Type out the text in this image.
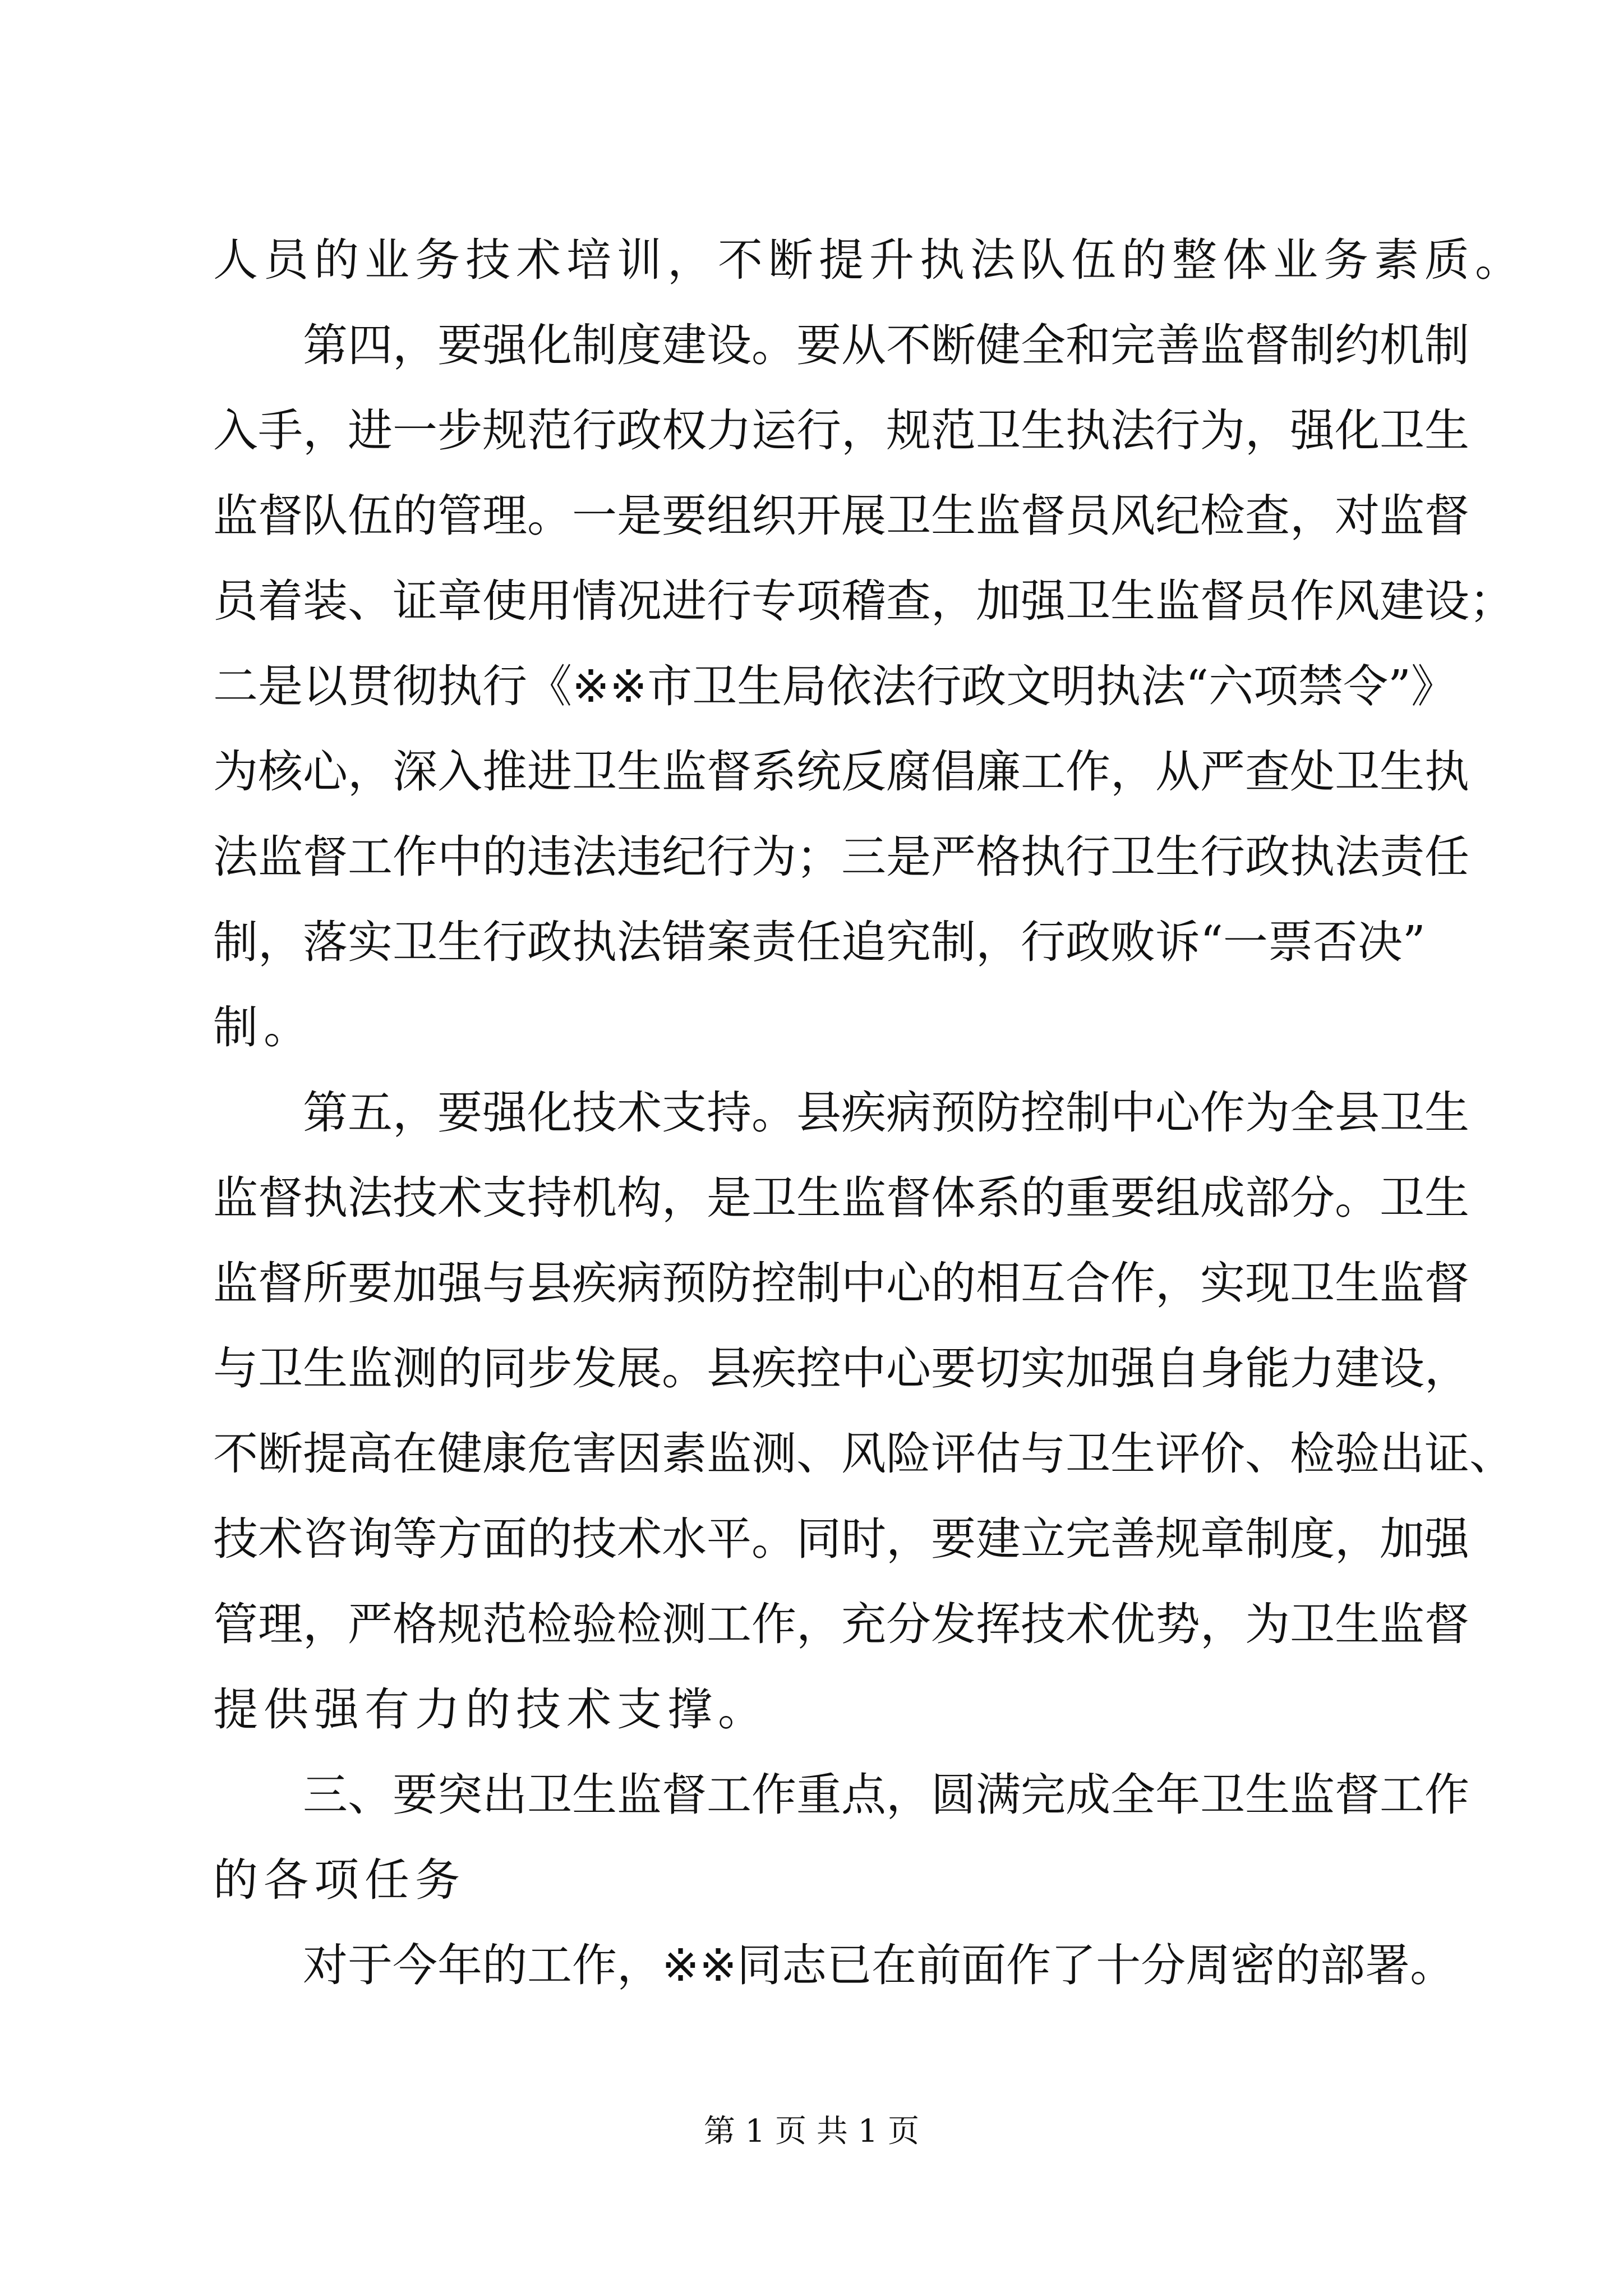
人员的业务技术培训，不断提升执法队伍的整体业务素质。
第 四 ， 要 强 化 制 度 建 设 。 要 从 不 断 健 全 和 完 善 监 督 制 约 机 制
入 手 ， 进 一 步 规 范 行 政 权 力 运 行 ， 规 范 卫 生 执 法 行 为 ， 强 化 卫 生
监 督 队 伍 的 管 理 。 一 是 要 组 织 开 展 卫 生 监 督 员 风 纪 检 查 ， 对 监 督
员 着 装 、 证 章 使 用 情 况 进 行 专 项 稽 查 ， 加 强 卫 生 监 督 员 作 风 建 设 ；
二 是 以 贯 彻 执 行 《 ※ ※ 市 卫 生 局 依 法 行 政 文 明 执 法 “ 六 项 禁 令 ” 》
为 核 心 ， 深 入 推 进 卫 生 监 督 系 统 反 腐 倡 廉 工 作 ， 从 严 查 处 卫 生 执
法 监 督 工 作 中 的 违 法 违 纪 行 为 ； 三 是 严 格 执 行 卫 生 行 政 执 法 责 任
制 ， 落 实 卫 生 行 政 执 法 错 案 责 任 追 究 制 ， 行 政 败 诉 “ 一 票 否 决 ”
制。
第 五 ， 要 强 化 技 术 支 持 。 县 疾 病 预 防 控 制 中 心 作 为 全 县 卫 生
监 督 执 法 技 术 支 持 机 构 ， 是 卫 生 监 督 体 系 的 重 要 组 成 部 分 。 卫 生
监 督 所 要 加 强 与 县 疾 病 预 防 控 制 中 心 的 相 互 合 作 ， 实 现 卫 生 监 督
与 卫 生 监 测 的 同 步 发 展 。 县 疾 控 中 心 要 切 实 加 强 自 身 能 力 建 设 ，
不 断 提 高 在 健 康 危 害 因 素 监 测 、 风 险 评 估 与 卫 生 评 价 、 检 验 出 证 、
技 术 咨 询 等 方 面 的 技 术 水 平 。 同 时 ， 要 建 立 完 善 规 章 制 度 ， 加 强
管 理 ， 严 格 规 范 检 验 检 测 工 作 ， 充 分 发 挥 技 术 优 势 ， 为 卫 生 监 督
提供强有力的技术支撑。
三 、 要 突 出 卫 生 监 督 工 作 重 点 ， 圆 满 完 成 全 年 卫 生 监 督 工 作
的各项任务
对 于 今 年 的 工 作 ， ※ ※ 同 志 已 在 前 面 作 了 十 分 周 密 的 部 署 。
第 1 页 共 1 页
